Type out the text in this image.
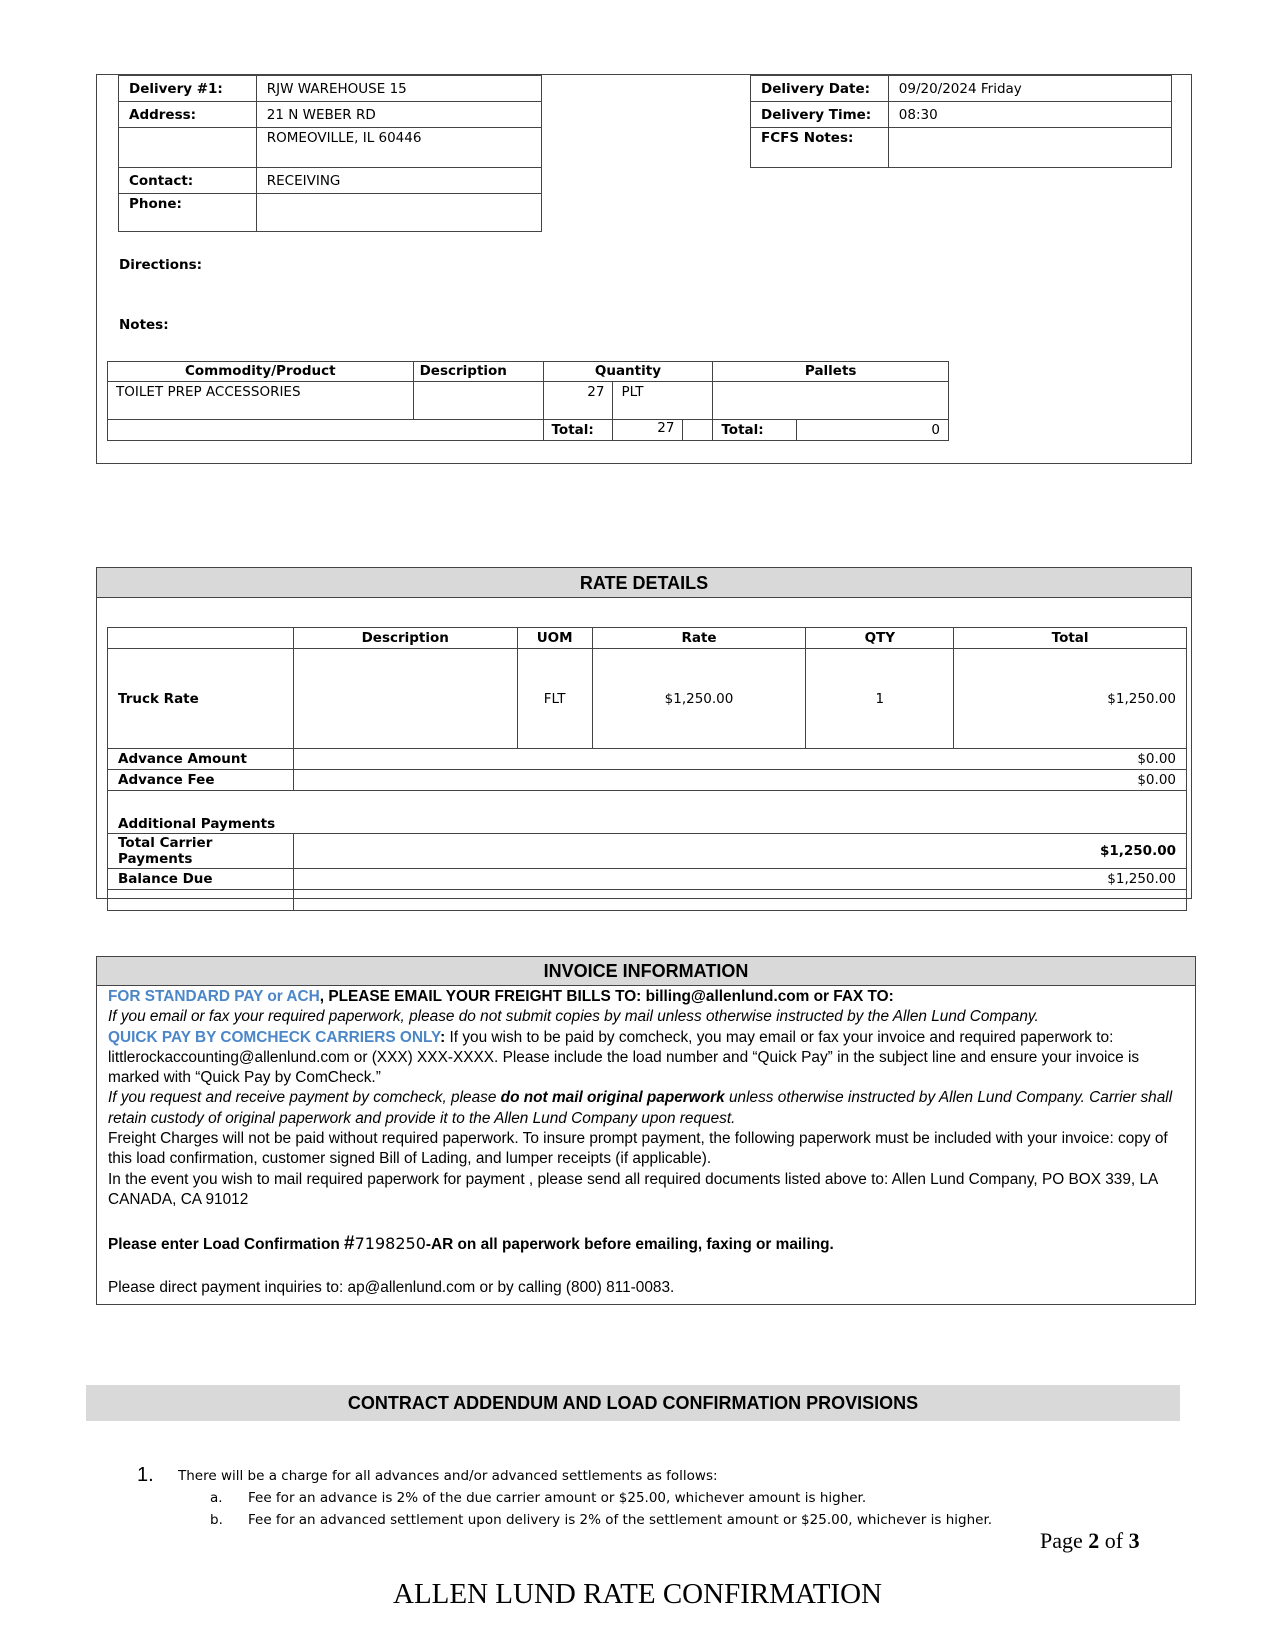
Delivery #1:	RJW WAREHOUSE 15
Address:	21 N WEBER RD
	ROMEOVILLE, IL 60446
Contact:	RECEIVING
Phone:	
Delivery Date:	09/20/2024 Friday
Delivery Time:	08:30
FCFS Notes:	
Directions:
Notes:
Commodity/Product	Description	Quantity		Pallets	
TOILET PREP ACCESSORIES		27	PLT		
		Total:	27	Total:	0
RATE DETAILS
	Description	UOM	Rate	QTY	Total
Truck Rate		FLT	$1,250.00	1	$1,250.00
Advance Amount	$0.00				
Advance Fee	$0.00				
Additional Payments					
Total Carrier Payments	$1,250.00				
Balance Due	$1,250.00				

INVOICE INFORMATION

FOR STANDARD PAY or ACH, PLEASE EMAIL YOUR FREIGHT BILLS TO: billing@allenlund.com or FAX TO:

If you email or fax your required paperwork, please do not submit copies by mail unless otherwise instructed by the Allen Lund Company.

QUICK PAY BY COMCHECK CARRIERS ONLY: If you wish to be paid by comcheck, you may email or fax your invoice and required paperwork to: littlerockaccounting@allenlund.com or (XXX) XXX-XXXX. Please include the load number and “Quick Pay” in the subject line and ensure your invoice is marked with “Quick Pay by ComCheck.”

If you request and receive payment by comcheck, please do not mail original paperwork unless otherwise instructed by Allen Lund Company. Carrier shall retain custody of original paperwork and provide it to the Allen Lund Company upon request.

Freight Charges will not be paid without required paperwork. To insure prompt payment, the following paperwork must be included with your invoice: copy of this load confirmation, customer signed Bill of Lading, and lumper receipts (if applicable).

In the event you wish to mail required paperwork for payment , please send all required documents listed above to: Allen Lund Company, PO BOX 339, LA CANADA, CA 91012

Please enter Load Confirmation #7198250-AR on all paperwork before emailing, faxing or mailing.

Please direct payment inquiries to: ap@allenlund.com or by calling (800) 811-0083.

CONTRACT ADDENDUM AND LOAD CONFIRMATION PROVISIONS
1. There will be a charge for all advances and/or advanced settlements as follows:
a. Fee for an advance is 2% of the due carrier amount or $25.00, whichever amount is higher.
b. Fee for an advanced settlement upon delivery is 2% of the settlement amount or $25.00, whichever is higher.
Page 2 of 3
ALLEN LUND RATE CONFIRMATION
